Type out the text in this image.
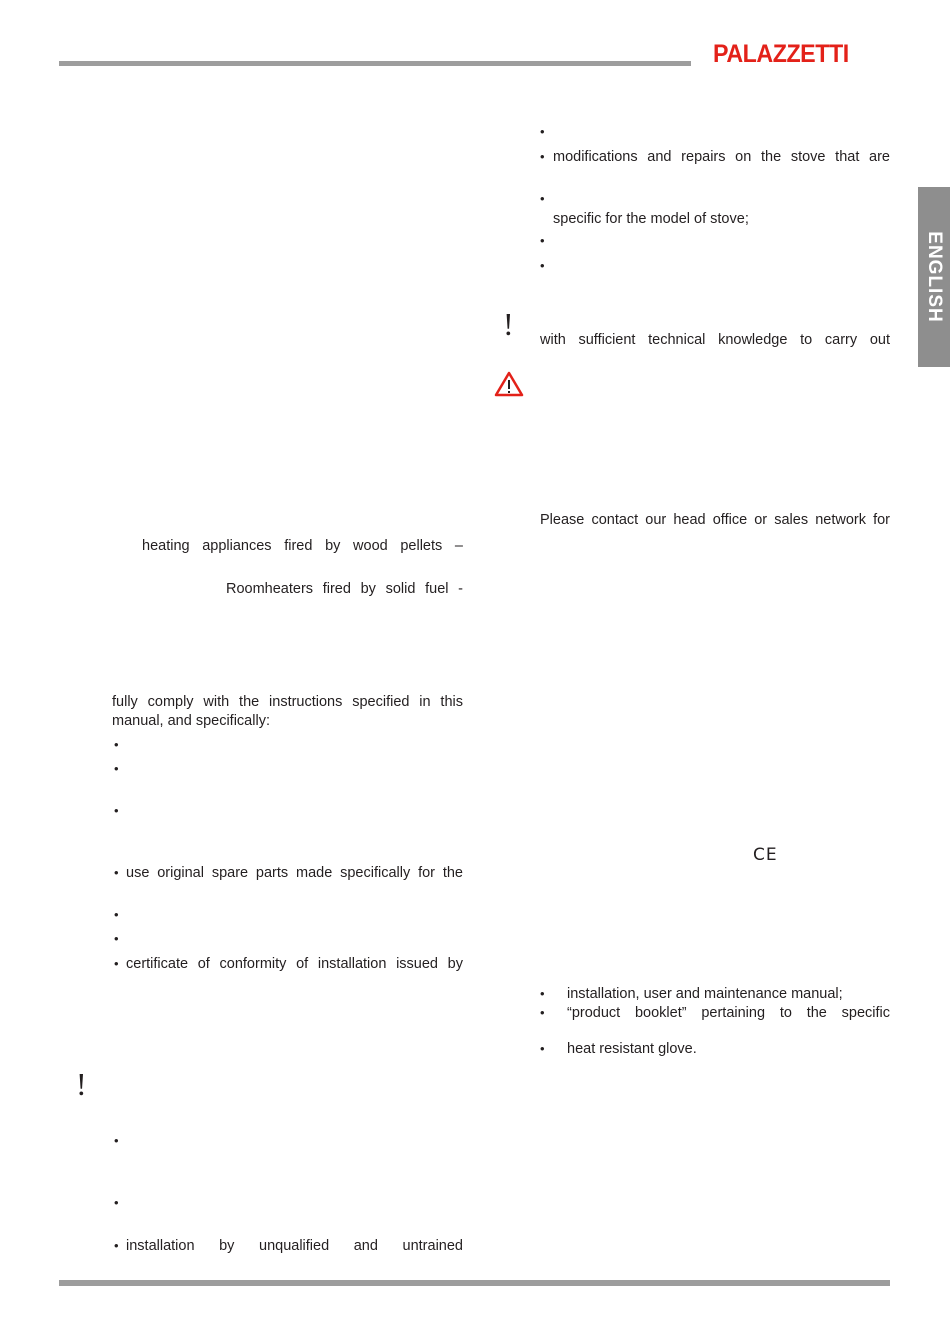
PALAZZETTI
ENGLISH
heating appliances fired by wood pellets –
Roomheaters fired by solid fuel -
fully comply with the instructions specified in this
manual, and specifically:
•
•
•
• use original spare parts made specifically for the
•
•
• certificate of conformity of installation issued by
!
•
•
• installation by unqualified and untrained
•
• modifications and repairs on the stove that are
•
specific for the model of stove;
•
•
! with sufficient technical knowledge to carry out
Please contact our head office or sales network for
CE
• installation, user and maintenance manual;
• “product booklet” pertaining to the specific
• heat resistant glove.
